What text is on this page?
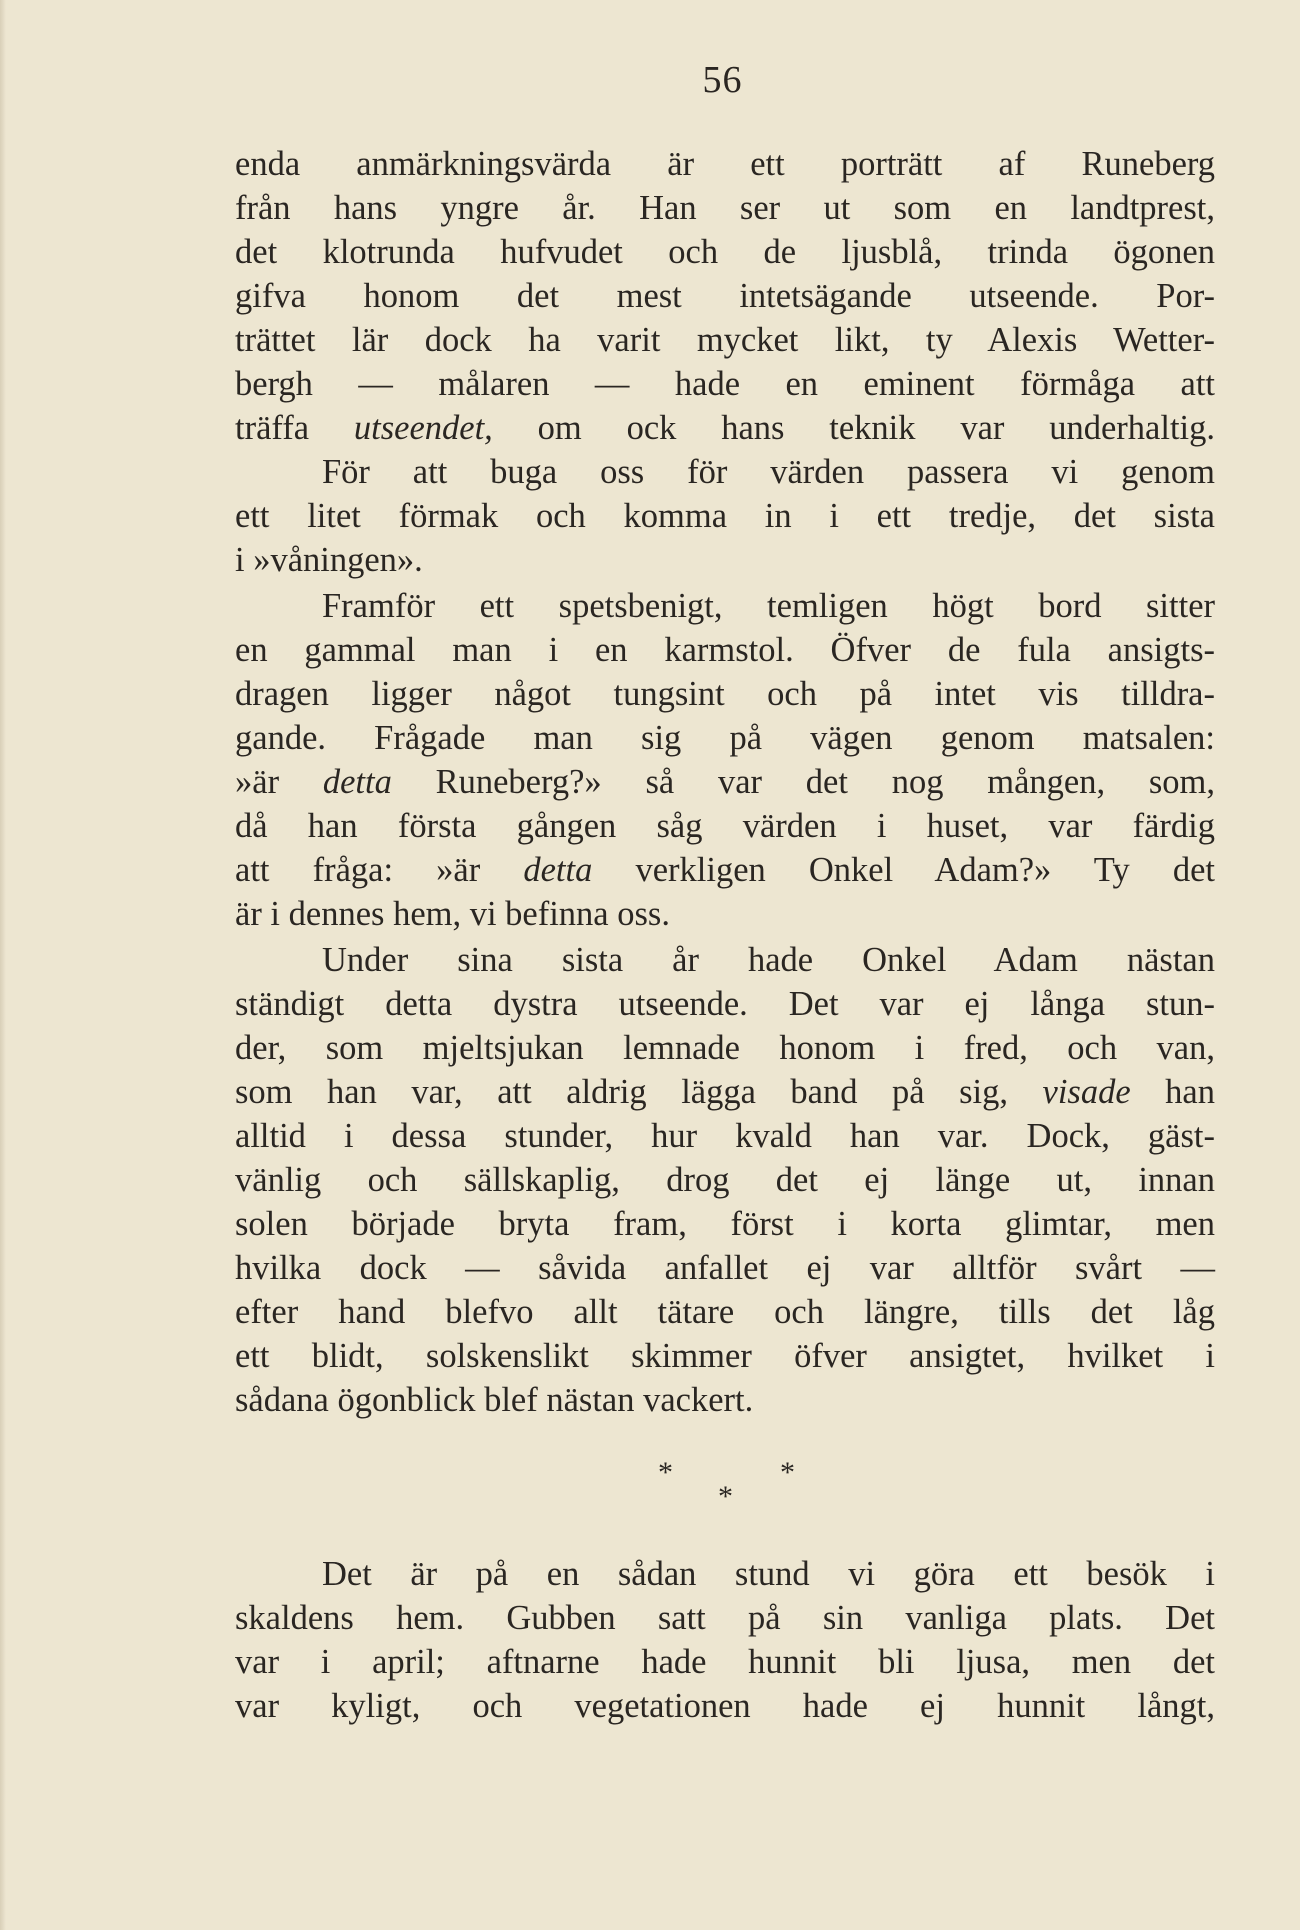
56
enda anmärkningsvärda är ett porträtt af Runeberg
från hans yngre år. Han ser ut som en landtprest,
det klotrunda hufvudet och de ljusblå, trinda ögonen
gifva honom det mest intetsägande utseende. Por-
trättet lär dock ha varit mycket likt, ty Alexis Wetter-
bergh — målaren — hade en eminent förmåga att
träffa utseendet, om ock hans teknik var underhaltig.
För att buga oss för värden passera vi genom
ett litet förmak och komma in i ett tredje, det sista
i »våningen».
Framför ett spetsbenigt, temligen högt bord sitter
en gammal man i en karmstol. Öfver de fula ansigts-
dragen ligger något tungsint och på intet vis tilldra-
gande. Frågade man sig på vägen genom matsalen:
»är detta Runeberg?» så var det nog mången, som,
då han första gången såg värden i huset, var färdig
att fråga: »är detta verkligen Onkel Adam?» Ty det
är i dennes hem, vi befinna oss.
Under sina sista år hade Onkel Adam nästan
ständigt detta dystra utseende. Det var ej långa stun-
der, som mjeltsjukan lemnade honom i fred, och van,
som han var, att aldrig lägga band på sig, visade han
alltid i dessa stunder, hur kvald han var. Dock, gäst-
vänlig och sällskaplig, drog det ej länge ut, innan
solen började bryta fram, först i korta glimtar, men
hvilka dock — såvida anfallet ej var alltför svårt —
efter hand blefvo allt tätare och längre, tills det låg
ett blidt, solskenslikt skimmer öfver ansigtet, hvilket i
sådana ögonblick blef nästan vackert.
*	*
*
Det är på en sådan stund vi göra ett besök i
skaldens hem. Gubben satt på sin vanliga plats. Det
var i april; aftnarne hade hunnit bli ljusa, men det
var kyligt, och vegetationen hade ej hunnit långt,
